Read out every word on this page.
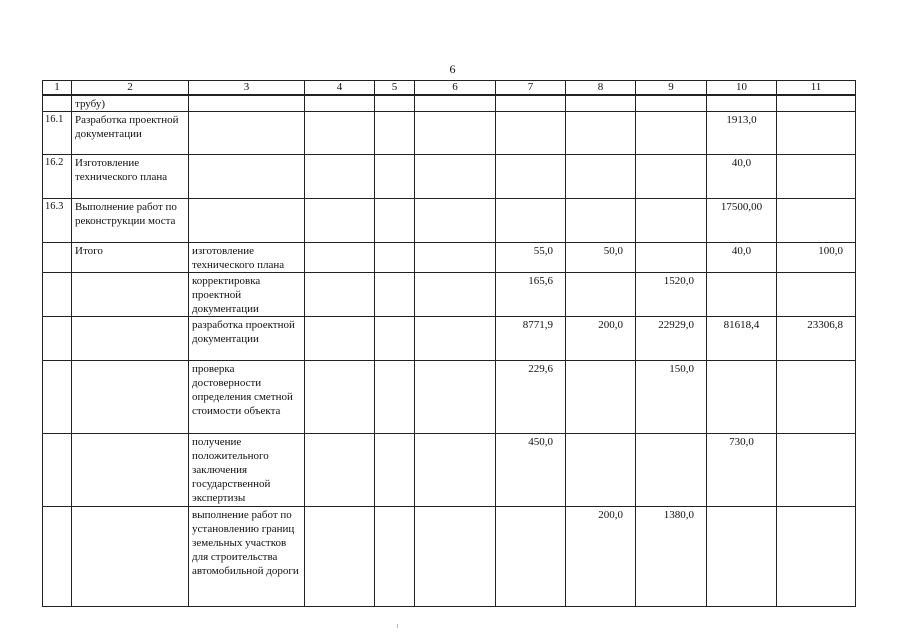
6
1	2	3	4	5	6	7	8	9	10	11
	трубу)									
16.1	Разработка проектной документации								1913,0	
16.2	Изготовление технического плана								40,0	
16.3	Выполнение работ по реконструкции моста								17500,00	
	Итого	изготовление технического плана				55,0	50,0		40,0	100,0
		корректировка проектной документации				165,6		1520,0		
		разработка проектной документации				8771,9	200,0	22929,0	81618,4	23306,8
		проверка достоверности определения сметной стоимости объекта				229,6		150,0		
		получение положительного заключения государственной экспертизы				450,0			730,0	
		выполнение работ по установлению границ земельных участков для строительства автомобильной дороги					200,0	1380,0		
